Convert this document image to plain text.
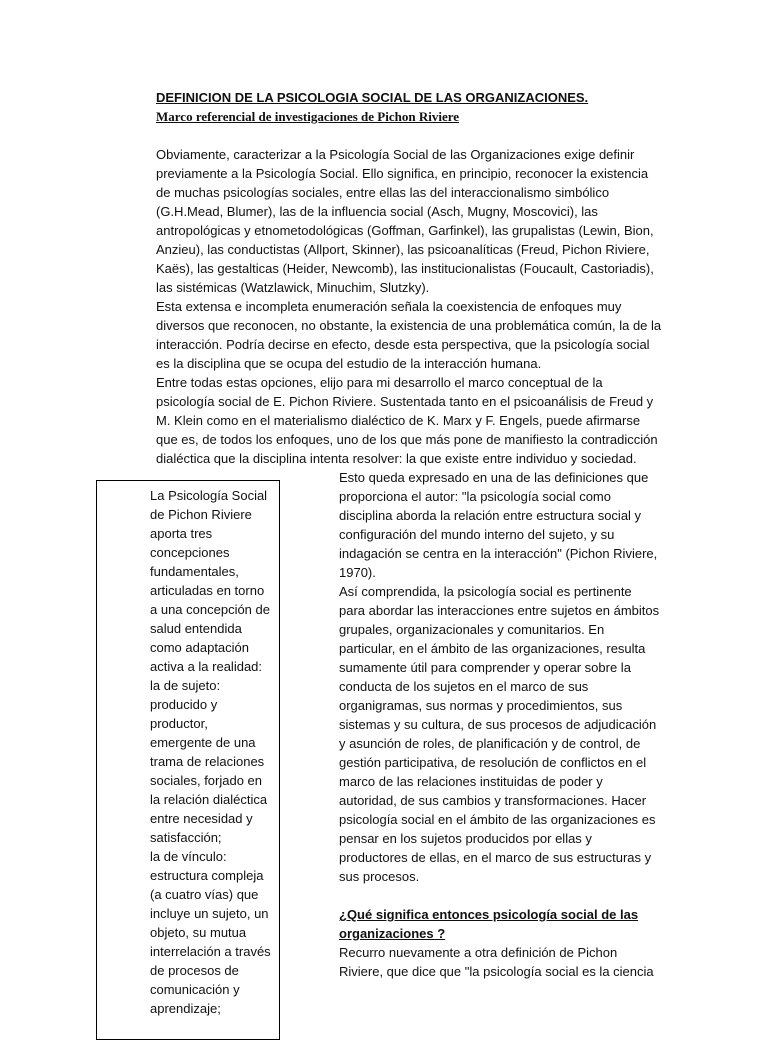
DEFINICION DE LA PSICOLOGIA SOCIAL DE LAS ORGANIZACIONES.
Marco referencial de investigaciones de Pichon Riviere
Obviamente, caracterizar a la Psicología Social de las Organizaciones exige definir
previamente a la Psicología Social. Ello significa, en principio, reconocer la existencia
de muchas psicologías sociales, entre ellas las del interaccionalismo simbólico
(G.H.Mead, Blumer), las de la influencia social (Asch, Mugny, Moscovici), las
antropológicas y etnometodológicas (Goffman, Garfinkel), las grupalistas (Lewin, Bion,
Anzieu), las conductistas (Allport, Skinner), las psicoanalíticas (Freud, Pichon Riviere,
Kaës), las gestalticas (Heider, Newcomb), las institucionalistas (Foucault, Castoriadis),
las sistémicas (Watzlawick, Minuchim, Slutzky).
Esta extensa e incompleta enumeración señala la coexistencia de enfoques muy
diversos que reconocen, no obstante, la existencia de una problemática común, la de la
interacción. Podría decirse en efecto, desde esta perspectiva, que la psicología social
es la disciplina que se ocupa del estudio de la interacción humana.
Entre todas estas opciones, elijo para mi desarrollo el marco conceptual de la
psicología social de E. Pichon Riviere. Sustentada tanto en el psicoanálisis de Freud y
M. Klein como en el materialismo dialéctico de K. Marx y F. Engels, puede afirmarse
que es, de todos los enfoques, uno de los que más pone de manifiesto la contradicción
dialéctica que la disciplina intenta resolver: la que existe entre individuo y sociedad.
La Psicología Social
de Pichon Riviere
aporta tres
concepciones
fundamentales,
articuladas en torno
a una concepción de
salud entendida
como adaptación
activa a la realidad:
la de sujeto:
producido y
productor,
emergente de una
trama de relaciones
sociales, forjado en
la relación dialéctica
entre necesidad y
satisfacción;
la de vínculo:
estructura compleja
(a cuatro vías) que
incluye un sujeto, un
objeto, su mutua
interrelación a través
de procesos de
comunicación y
aprendizaje;
Esto queda expresado en una de las definiciones que
proporciona el autor: "la psicología social como
disciplina aborda la relación entre estructura social y
configuración del mundo interno del sujeto, y su
indagación se centra en la interacción" (Pichon Riviere,
1970).
Así comprendida, la psicología social es pertinente
para abordar las interacciones entre sujetos en ámbitos
grupales, organizacionales y comunitarios. En
particular, en el ámbito de las organizaciones, resulta
sumamente útil para comprender y operar sobre la
conducta de los sujetos en el marco de sus
organigramas, sus normas y procedimientos, sus
sistemas y su cultura, de sus procesos de adjudicación
y asunción de roles, de planificación y de control, de
gestión participativa, de resolución de conflictos en el
marco de las relaciones instituidas de poder y
autoridad, de sus cambios y transformaciones. Hacer
psicología social en el ámbito de las organizaciones es
pensar en los sujetos producidos por ellas y
productores de ellas, en el marco de sus estructuras y
sus procesos.
¿Qué significa entonces psicología social de las
organizaciones ?
Recurro nuevamente a otra definición de Pichon
Riviere, que dice que "la psicología social es la ciencia
